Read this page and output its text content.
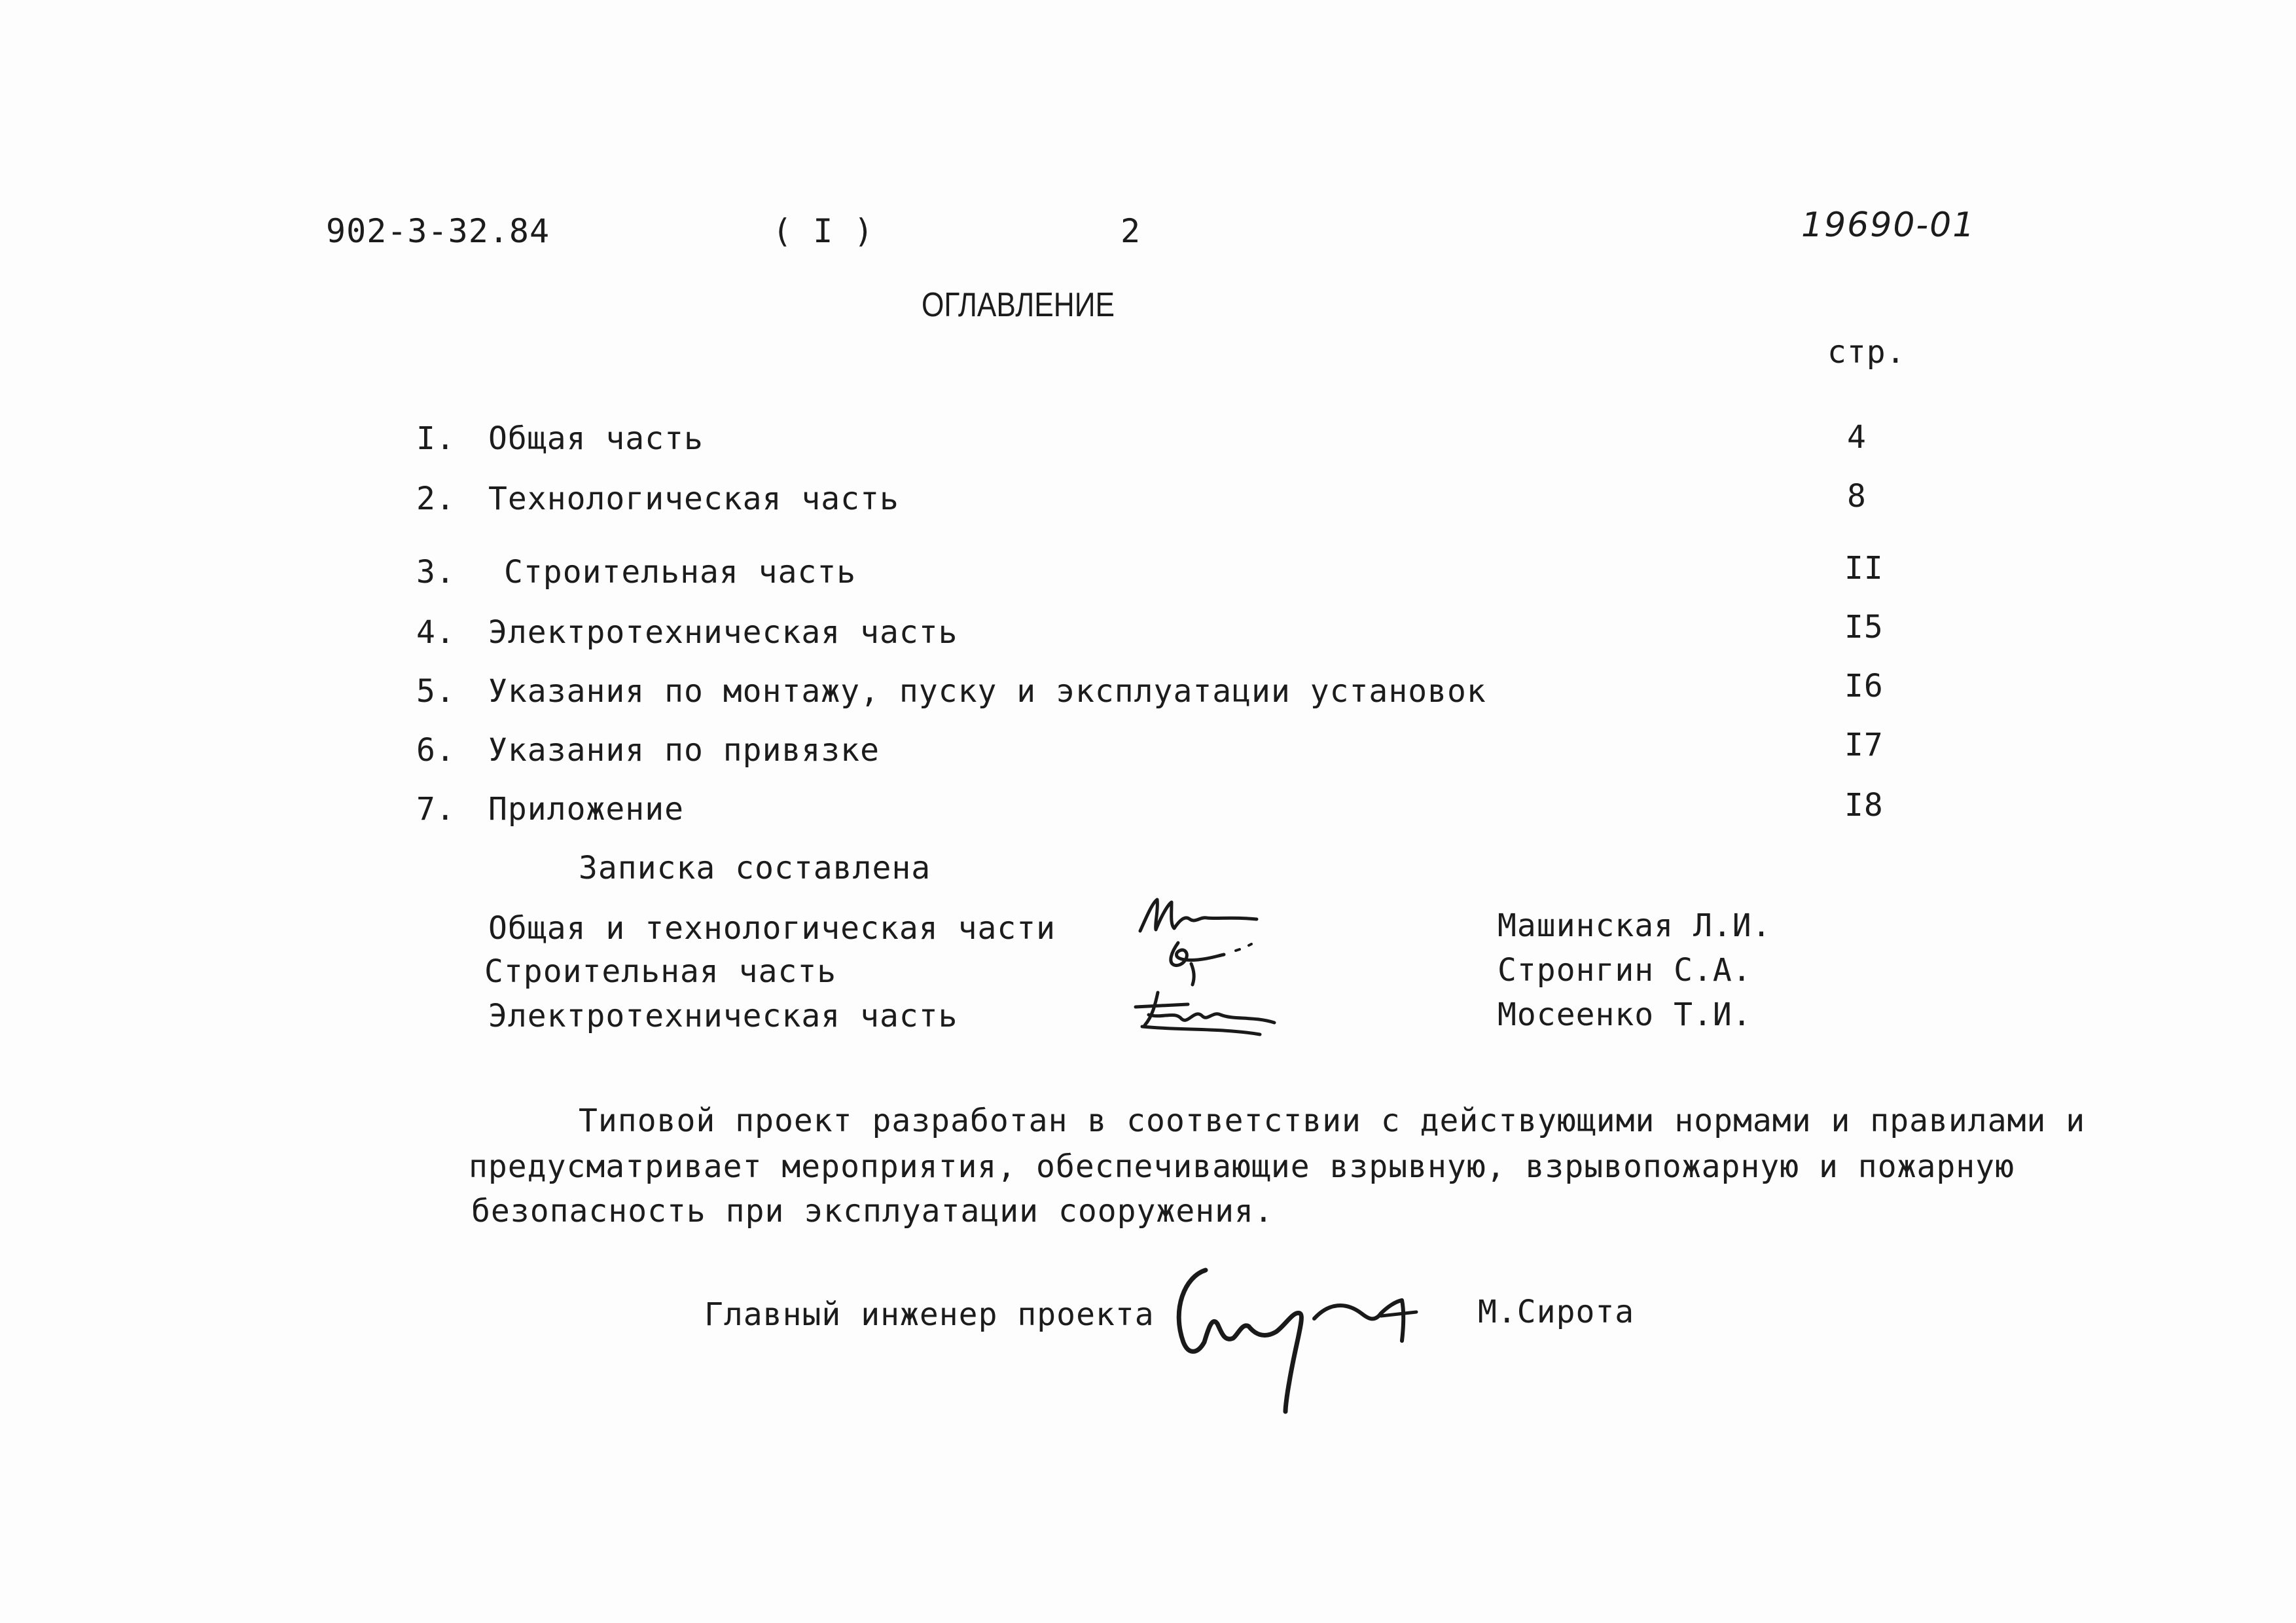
902-3-32.84	( I )	2	19690-01
ОГЛАВЛЕНИЕ
стр.
I. Общая часть	4
2. Технологическая часть	8
3. Строительная часть	II
4. Электротехническая часть	I5
5. Указания по монтажу, пуску и эксплуатации установок	I6
6. Указания по привязке	I7
7. Приложение	I8
Записка составлена
Общая и технологическая части	Машинская Л.И.
Строительная часть	Стронгин С.А.
Электротехническая часть	Мосеенко Т.И.
Типовой проект разработан в соответствии с действующими нормами и правилами и
предусматривает мероприятия, обеспечивающие взрывную, взрывопожарную и пожарную
безопасность при эксплуатации сооружения.
Главный инженер проекта	М.Сирота
